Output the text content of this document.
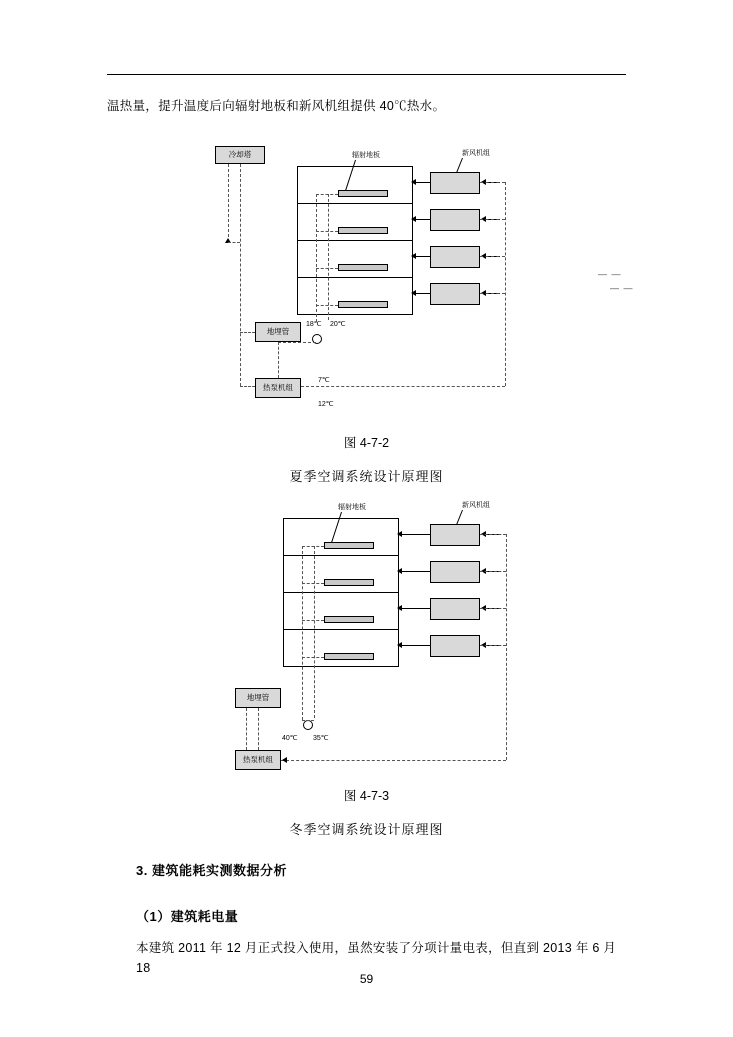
温热量，提升温度后向辐射地板和新风机组提供 40℃热水。
— —
— —
冷却塔	辐射地板	新风机组
地埋管
热泵机组
18℃ 20℃
7℃
12℃
图 4-7-2
夏季空调系统设计原理图
辐射地板	新风机组
地埋管
热泵机组
40℃ 35℃
图 4-7-3
冬季空调系统设计原理图
3. 建筑能耗实测数据分析
（1）建筑耗电量
本建筑 2011 年 12 月正式投入使用，虽然安装了分项计量电表，但直到 2013 年 6 月 18
59
